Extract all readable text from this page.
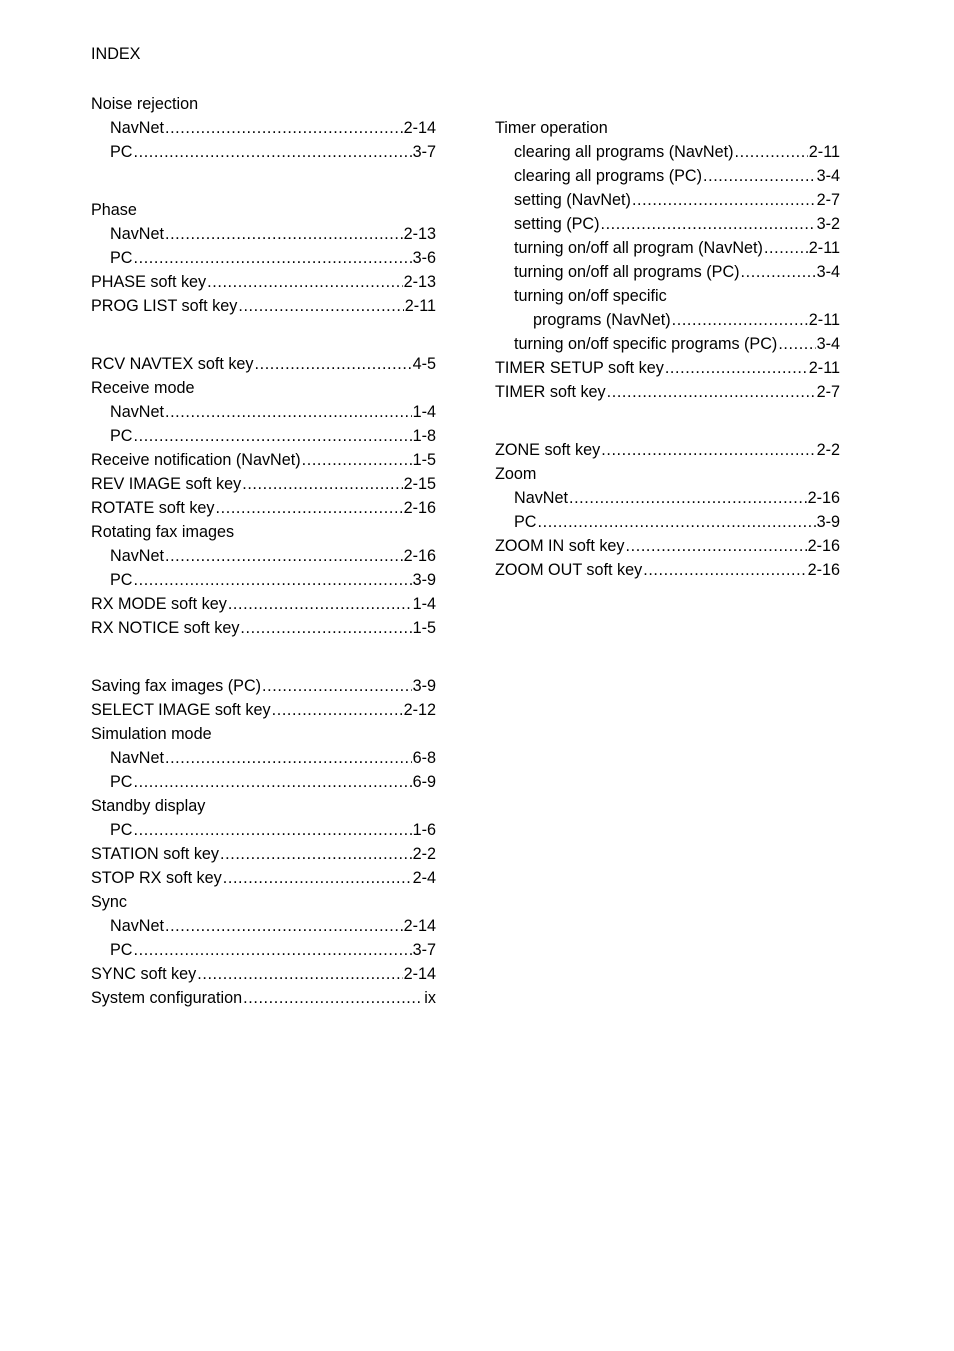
INDEX
Noise rejection
NavNet .....	2-14
PC .....	3-7
Phase
NavNet .....	2-13
PC .....	3-6
PHASE soft key .....	2-13
PROG LIST soft key .....	2-11
RCV NAVTEX soft key .....	4-5
Receive mode
NavNet .....	1-4
PC .....	1-8
Receive notification (NavNet) .....	1-5
REV IMAGE soft key .....	2-15
ROTATE soft key .....	2-16
Rotating fax images
NavNet .....	2-16
PC .....	3-9
RX MODE soft key .....	1-4
RX NOTICE soft key .....	1-5
Saving fax images (PC) .....	3-9
SELECT IMAGE soft key .....	2-12
Simulation mode
NavNet .....	6-8
PC .....	6-9
Standby display
PC .....	1-6
STATION soft key .....	2-2
STOP RX soft key .....	2-4
Sync
NavNet .....	2-14
PC .....	3-7
SYNC soft key .....	2-14
System configuration .....	ix
Timer operation
clearing all programs (NavNet) .....	2-11
clearing all programs (PC) .....	3-4
setting (NavNet) .....	2-7
setting (PC) .....	3-2
turning on/off all program (NavNet) .....	2-11
turning on/off all programs (PC) .....	3-4
turning on/off specific
programs (NavNet) .....	2-11
turning on/off specific programs (PC) ..... 3-4
TIMER SETUP soft key .....	2-11
TIMER soft key .....	2-7
ZONE soft key .....	2-2
Zoom
NavNet .....	2-16
PC .....	3-9
ZOOM IN soft key .....	2-16
ZOOM OUT soft key .....	2-16
